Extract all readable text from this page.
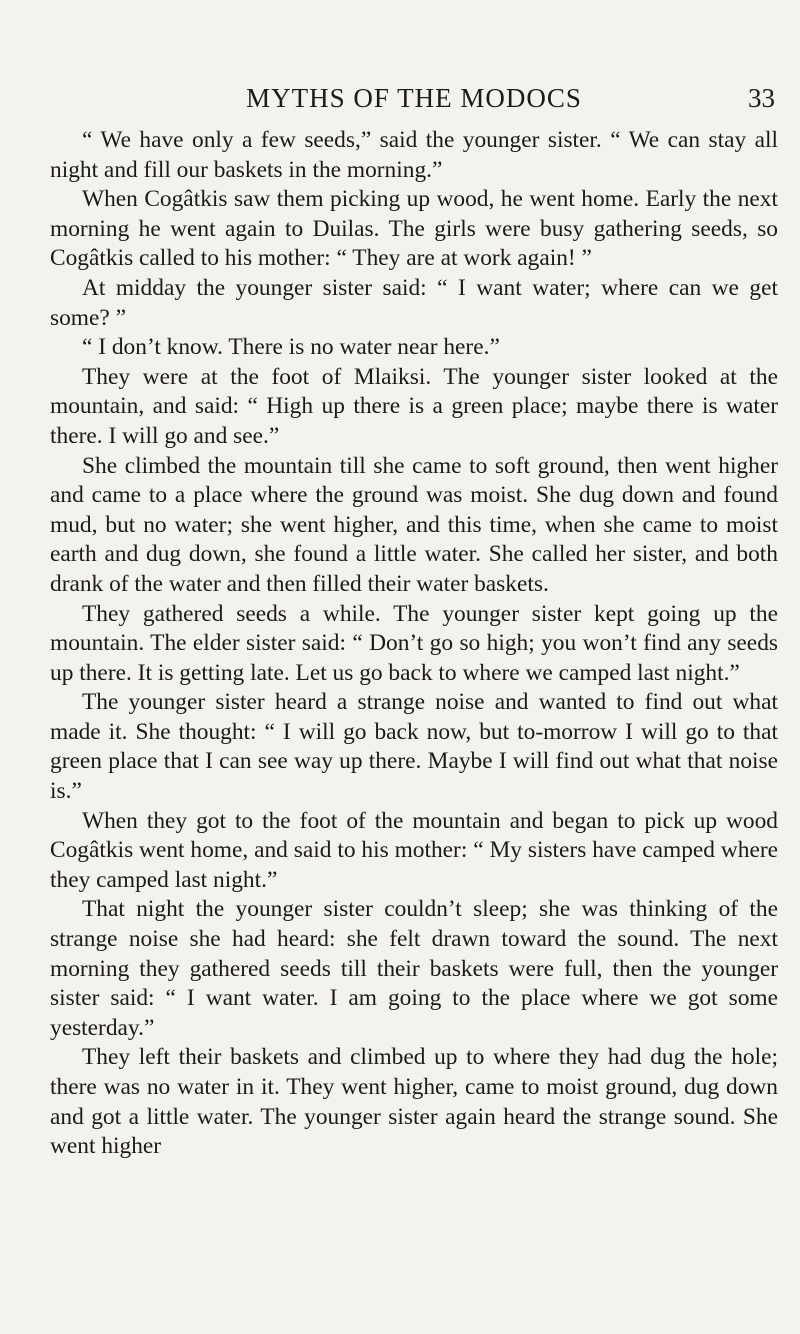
MYTHS OF THE MODOCS	33

“ We have only a few seeds,” said the younger sister. “ We can stay all night and fill our baskets in the morning.”

When Cogâtkis saw them picking up wood, he went home. Early the next morning he went again to Duilas. The girls were busy gathering seeds, so Cogâtkis called to his mother: “ They are at work again! ”

At midday the younger sister said: “ I want water; where can we get some? ”

“ I don’t know. There is no water near here.”

They were at the foot of Mlaiksi. The younger sister looked at the mountain, and said: “ High up there is a green place; maybe there is water there. I will go and see.”

She climbed the mountain till she came to soft ground, then went higher and came to a place where the ground was moist. She dug down and found mud, but no water; she went higher, and this time, when she came to moist earth and dug down, she found a little water. She called her sister, and both drank of the water and then filled their water baskets.

They gathered seeds a while. The younger sister kept going up the mountain. The elder sister said: “ Don’t go so high; you won’t find any seeds up there. It is getting late. Let us go back to where we camped last night.”

The younger sister heard a strange noise and wanted to find out what made it. She thought: “ I will go back now, but to-morrow I will go to that green place that I can see way up there. Maybe I will find out what that noise is.”

When they got to the foot of the mountain and began to pick up wood Cogâtkis went home, and said to his mother: “ My sisters have camped where they camped last night.”

That night the younger sister couldn’t sleep; she was thinking of the strange noise she had heard: she felt drawn toward the sound. The next morning they gathered seeds till their baskets were full, then the younger sister said: “ I want water. I am going to the place where we got some yesterday.”

They left their baskets and climbed up to where they had dug the hole; there was no water in it. They went higher, came to moist ground, dug down and got a little water. The younger sister again heard the strange sound. She went higher
